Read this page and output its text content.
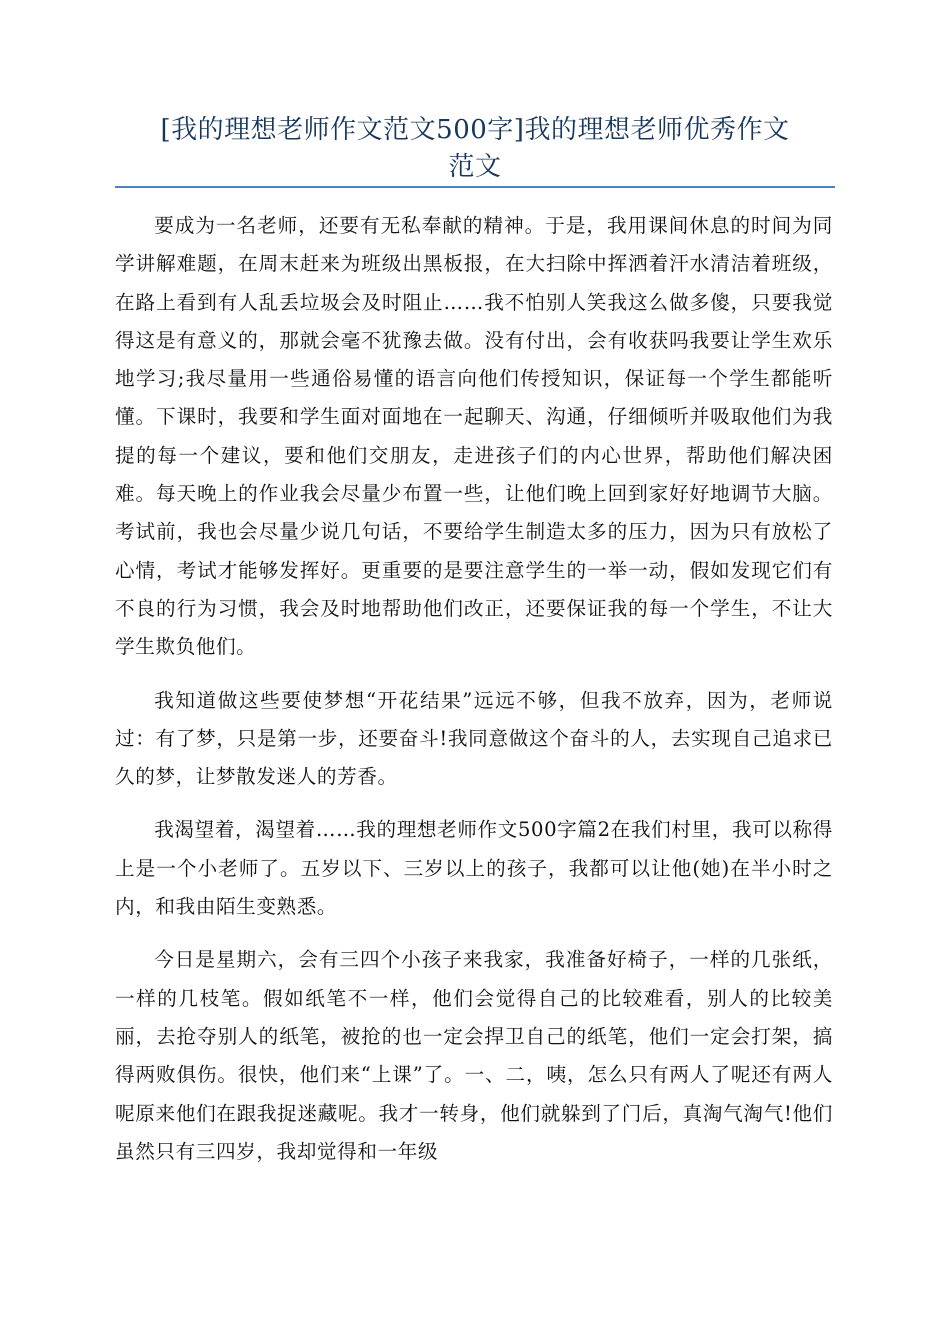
[我的理想老师作文范文500字]我的理想老师优秀作文
范文

要成为一名老师，还要有无私奉献的精神。于是，我用课间休息的时间为同学讲解难题，在周末赶来为班级出黑板报，在大扫除中挥洒着汗水清洁着班级，在路上看到有人乱丢垃圾会及时阻止……我不怕别人笑我这么做多傻，只要我觉得这是有意义的，那就会毫不犹豫去做。没有付出，会有收获吗我要让学生欢乐地学习;我尽量用一些通俗易懂的语言向他们传授知识，保证每一个学生都能听懂。下课时，我要和学生面对面地在一起聊天、沟通，仔细倾听并吸取他们为我提的每一个建议，要和他们交朋友，走进孩子们的内心世界，帮助他们解决困难。每天晚上的作业我会尽量少布置一些，让他们晚上回到家好好地调节大脑。考试前，我也会尽量少说几句话，不要给学生制造太多的压力，因为只有放松了心情，考试才能够发挥好。更重要的是要注意学生的一举一动，假如发现它们有不良的行为习惯，我会及时地帮助他们改正，还要保证我的每一个学生，不让大学生欺负他们。

我知道做这些要使梦想“开花结果”远远不够，但我不放弃，因为，老师说过：有了梦，只是第一步，还要奋斗!我同意做这个奋斗的人，去实现自己追求已久的梦，让梦散发迷人的芳香。

我渴望着，渴望着……我的理想老师作文500字篇2在我们村里，我可以称得上是一个小老师了。五岁以下、三岁以上的孩子，我都可以让他(她)在半小时之内，和我由陌生变熟悉。

今日是星期六，会有三四个小孩子来我家，我准备好椅子，一样的几张纸，一样的几枝笔。假如纸笔不一样，他们会觉得自己的比较难看，别人的比较美丽，去抢夺别人的纸笔，被抢的也一定会捍卫自己的纸笔，他们一定会打架，搞得两败俱伤。很快，他们来“上课”了。一、二，咦，怎么只有两人了呢还有两人呢原来他们在跟我捉迷藏呢。我才一转身，他们就躲到了门后，真淘气淘气!他们虽然只有三四岁，我却觉得和一年级
